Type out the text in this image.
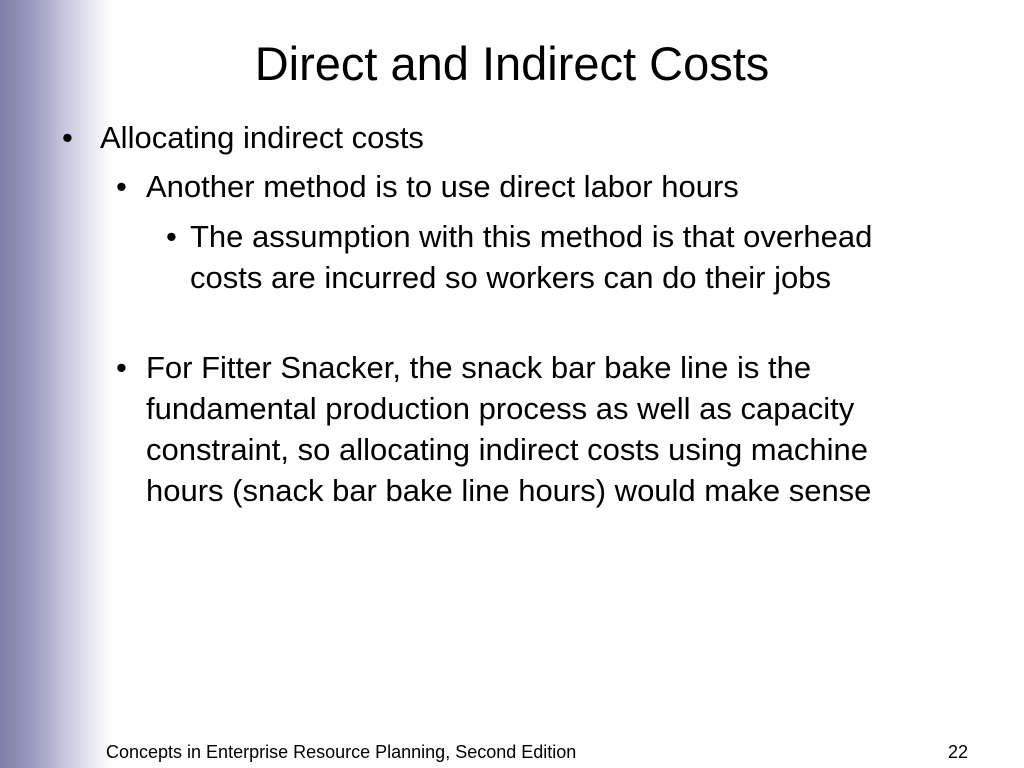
Direct and Indirect Costs
• Allocating indirect costs
• Another method is to use direct labor hours
• The assumption with this method is that overhead costs are incurred so workers can do their jobs
• For Fitter Snacker, the snack bar bake line is the fundamental production process as well as capacity constraint, so allocating indirect costs using machine hours (snack bar bake line hours) would make sense
Concepts in Enterprise Resource Planning, Second Edition	22
